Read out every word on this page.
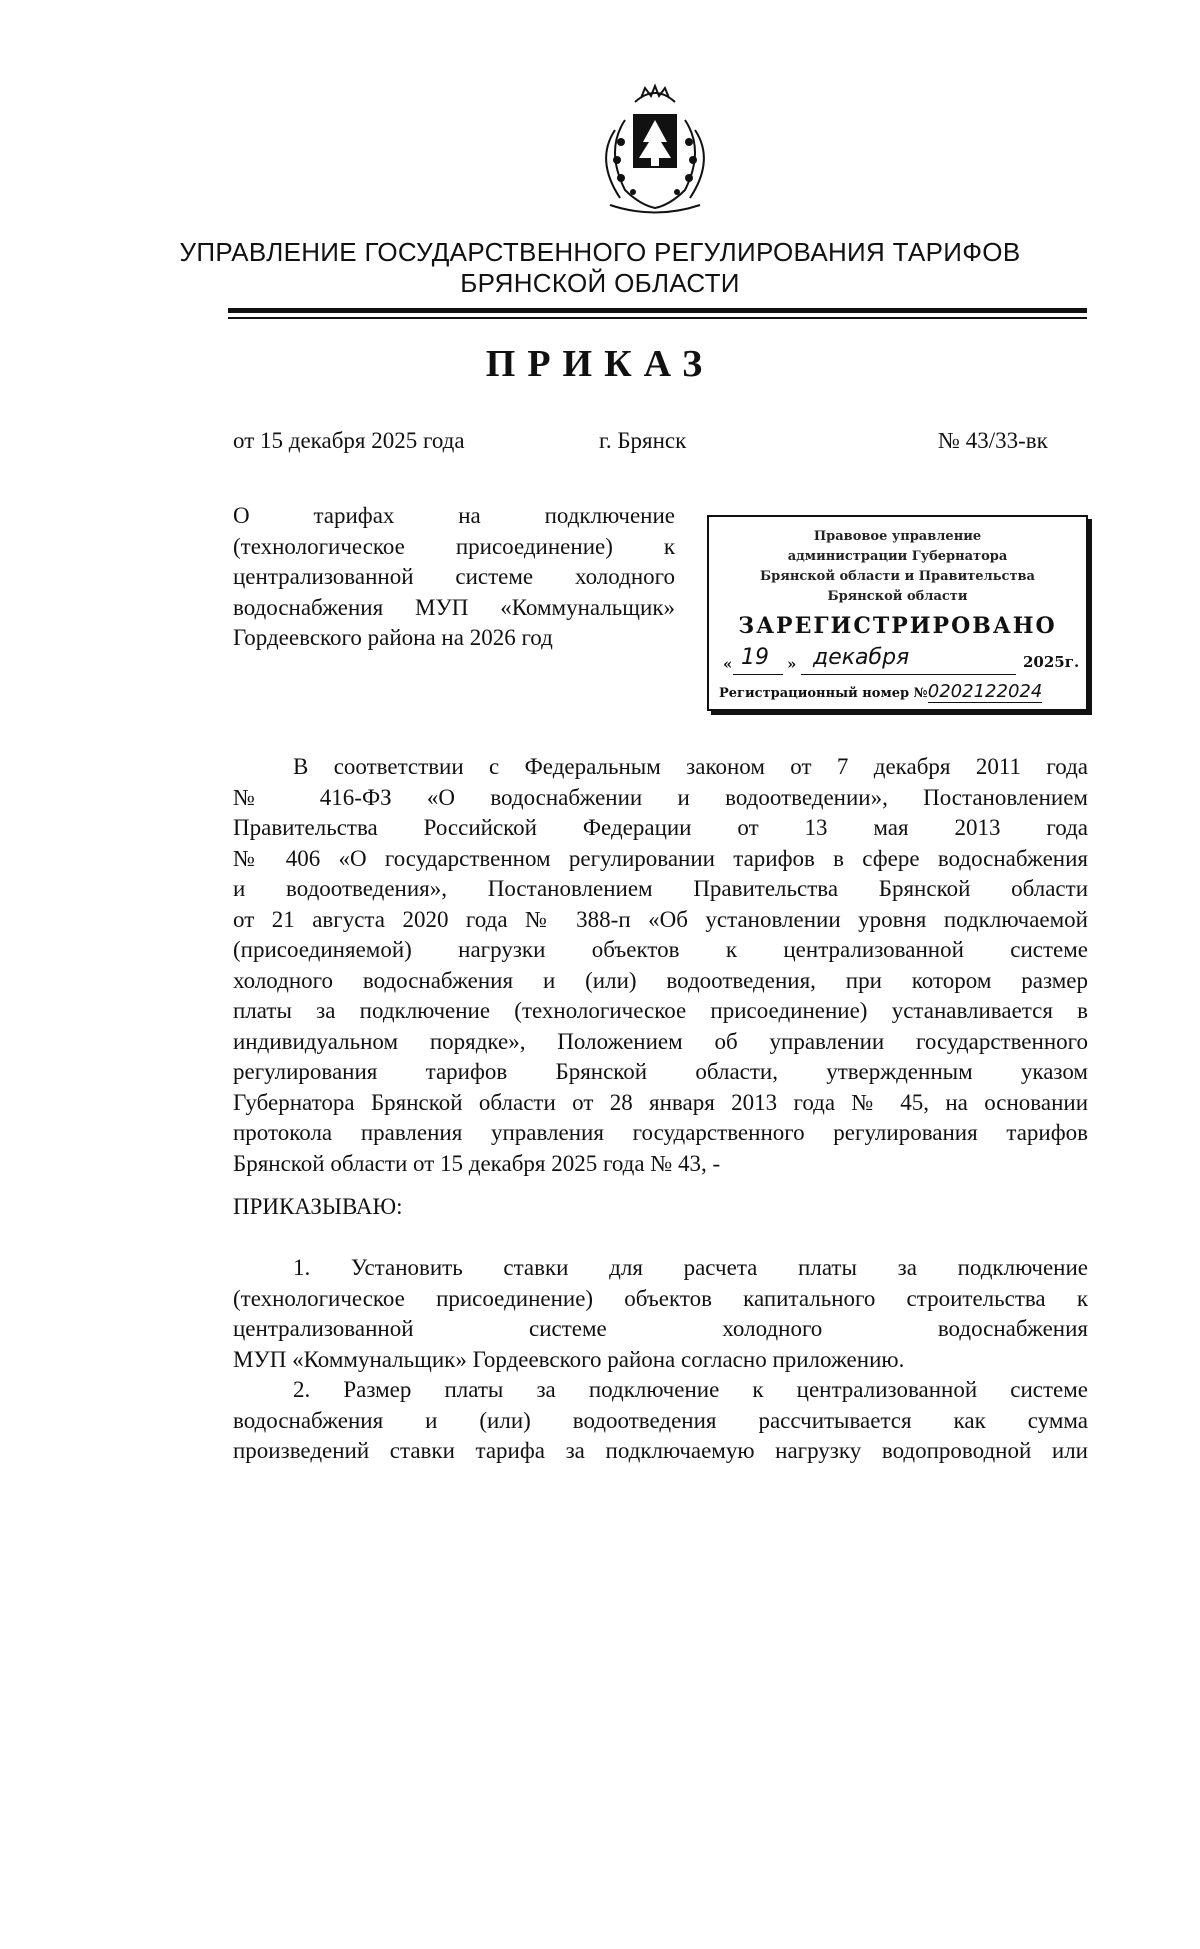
УПРАВЛЕНИЕ ГОСУДАРСТВЕННОГО РЕГУЛИРОВАНИЯ ТАРИФОВ
БРЯНСКОЙ ОБЛАСТИ
ПРИКАЗ
от 15 декабря 2025 года	г. Брянск	№ 43/33-вк
О тарифах на подключение
(технологическое присоединение) к
централизованной системе холодного
водоснабжения МУП «Коммунальщик»
Гордеевского района на 2026 год
Правовое управление
администрации Губернатора
Брянской области и Правительства
Брянской области
ЗАРЕГИСТРИРОВАНО
« 19 » декабря	2025г.
Регистрационный номер №0202122024
В соответствии с Федеральным законом от 7 декабря 2011 года
№ 416-ФЗ «О водоснабжении и водоотведении», Постановлением
Правительства Российской Федерации от 13 мая 2013 года
№ 406 «О государственном регулировании тарифов в сфере водоснабжения
и водоотведения», Постановлением Правительства Брянской области
от 21 августа 2020 года № 388-п «Об установлении уровня подключаемой
(присоединяемой) нагрузки объектов к централизованной системе
холодного водоснабжения и (или) водоотведения, при котором размер
платы за подключение (технологическое присоединение) устанавливается в
индивидуальном порядке», Положением об управлении государственного
регулирования тарифов Брянской области, утвержденным указом
Губернатора Брянской области от 28 января 2013 года № 45, на основании
протокола правления управления государственного регулирования тарифов
Брянской области от 15 декабря 2025 года № 43, -
ПРИКАЗЫВАЮ:
1. Установить ставки для расчета платы за подключение
(технологическое присоединение) объектов капитального строительства к
централизованной системе холодного водоснабжения
МУП «Коммунальщик» Гордеевского района согласно приложению.
2. Размер платы за подключение к централизованной системе
водоснабжения и (или) водоотведения рассчитывается как сумма
произведений ставки тарифа за подключаемую нагрузку водопроводной или
